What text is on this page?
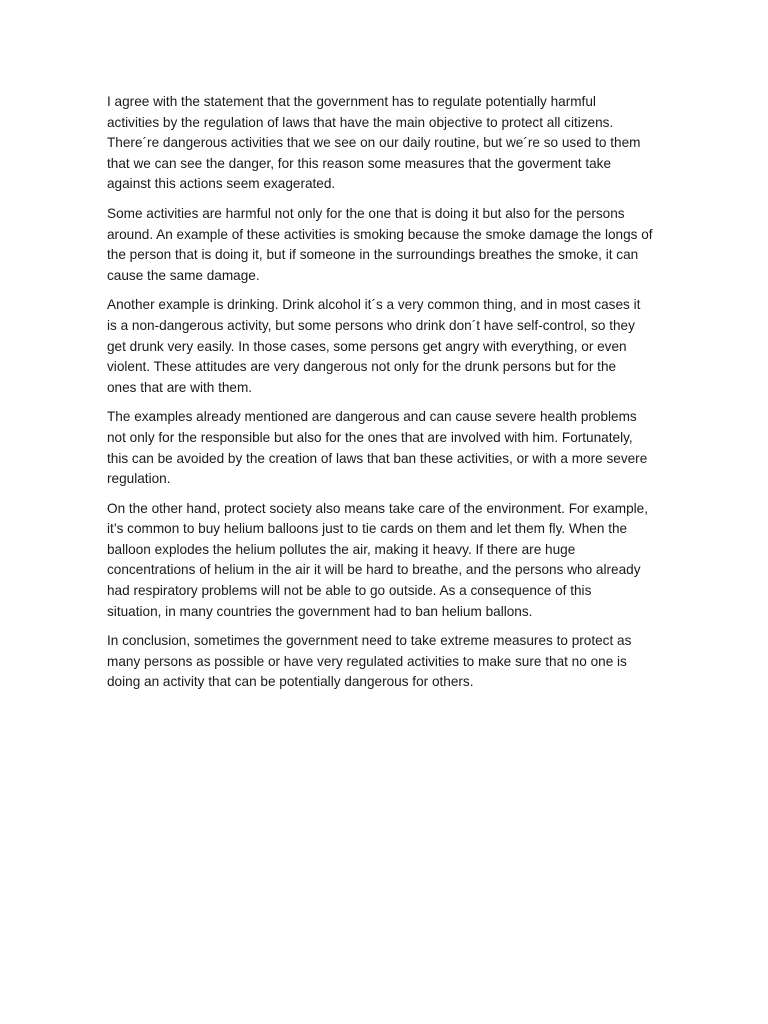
I agree with the statement that the government has to regulate potentially harmful
activities by the regulation of laws that have the main objective to protect all citizens.
There´re dangerous activities that we see on our daily routine, but we´re so used to them
that we can see the danger, for this reason some measures that the goverment take
against this actions seem exagerated.

Some activities are harmful not only for the one that is doing it but also for the persons
around. An example of these activities is smoking because the smoke damage the longs of
the person that is doing it, but if someone in the surroundings breathes the smoke, it can
cause the same damage.

Another example is drinking. Drink alcohol it´s a very common thing, and in most cases it
is a non-dangerous activity, but some persons who drink don´t have self-control, so they
get drunk very easily. In those cases, some persons get angry with everything, or even
violent. These attitudes are very dangerous not only for the drunk persons but for the
ones that are with them.

The examples already mentioned are dangerous and can cause severe health problems
not only for the responsible but also for the ones that are involved with him. Fortunately,
this can be avoided by the creation of laws that ban these activities, or with a more severe
regulation.

On the other hand, protect society also means take care of the environment. For example,
it’s common to buy helium balloons just to tie cards on them and let them fly. When the
balloon explodes the helium pollutes the air, making it heavy. If there are huge
concentrations of helium in the air it will be hard to breathe, and the persons who already
had respiratory problems will not be able to go outside. As a consequence of this
situation, in many countries the government had to ban helium ballons.

In conclusion, sometimes the government need to take extreme measures to protect as
many persons as possible or have very regulated activities to make sure that no one is
doing an activity that can be potentially dangerous for others.
